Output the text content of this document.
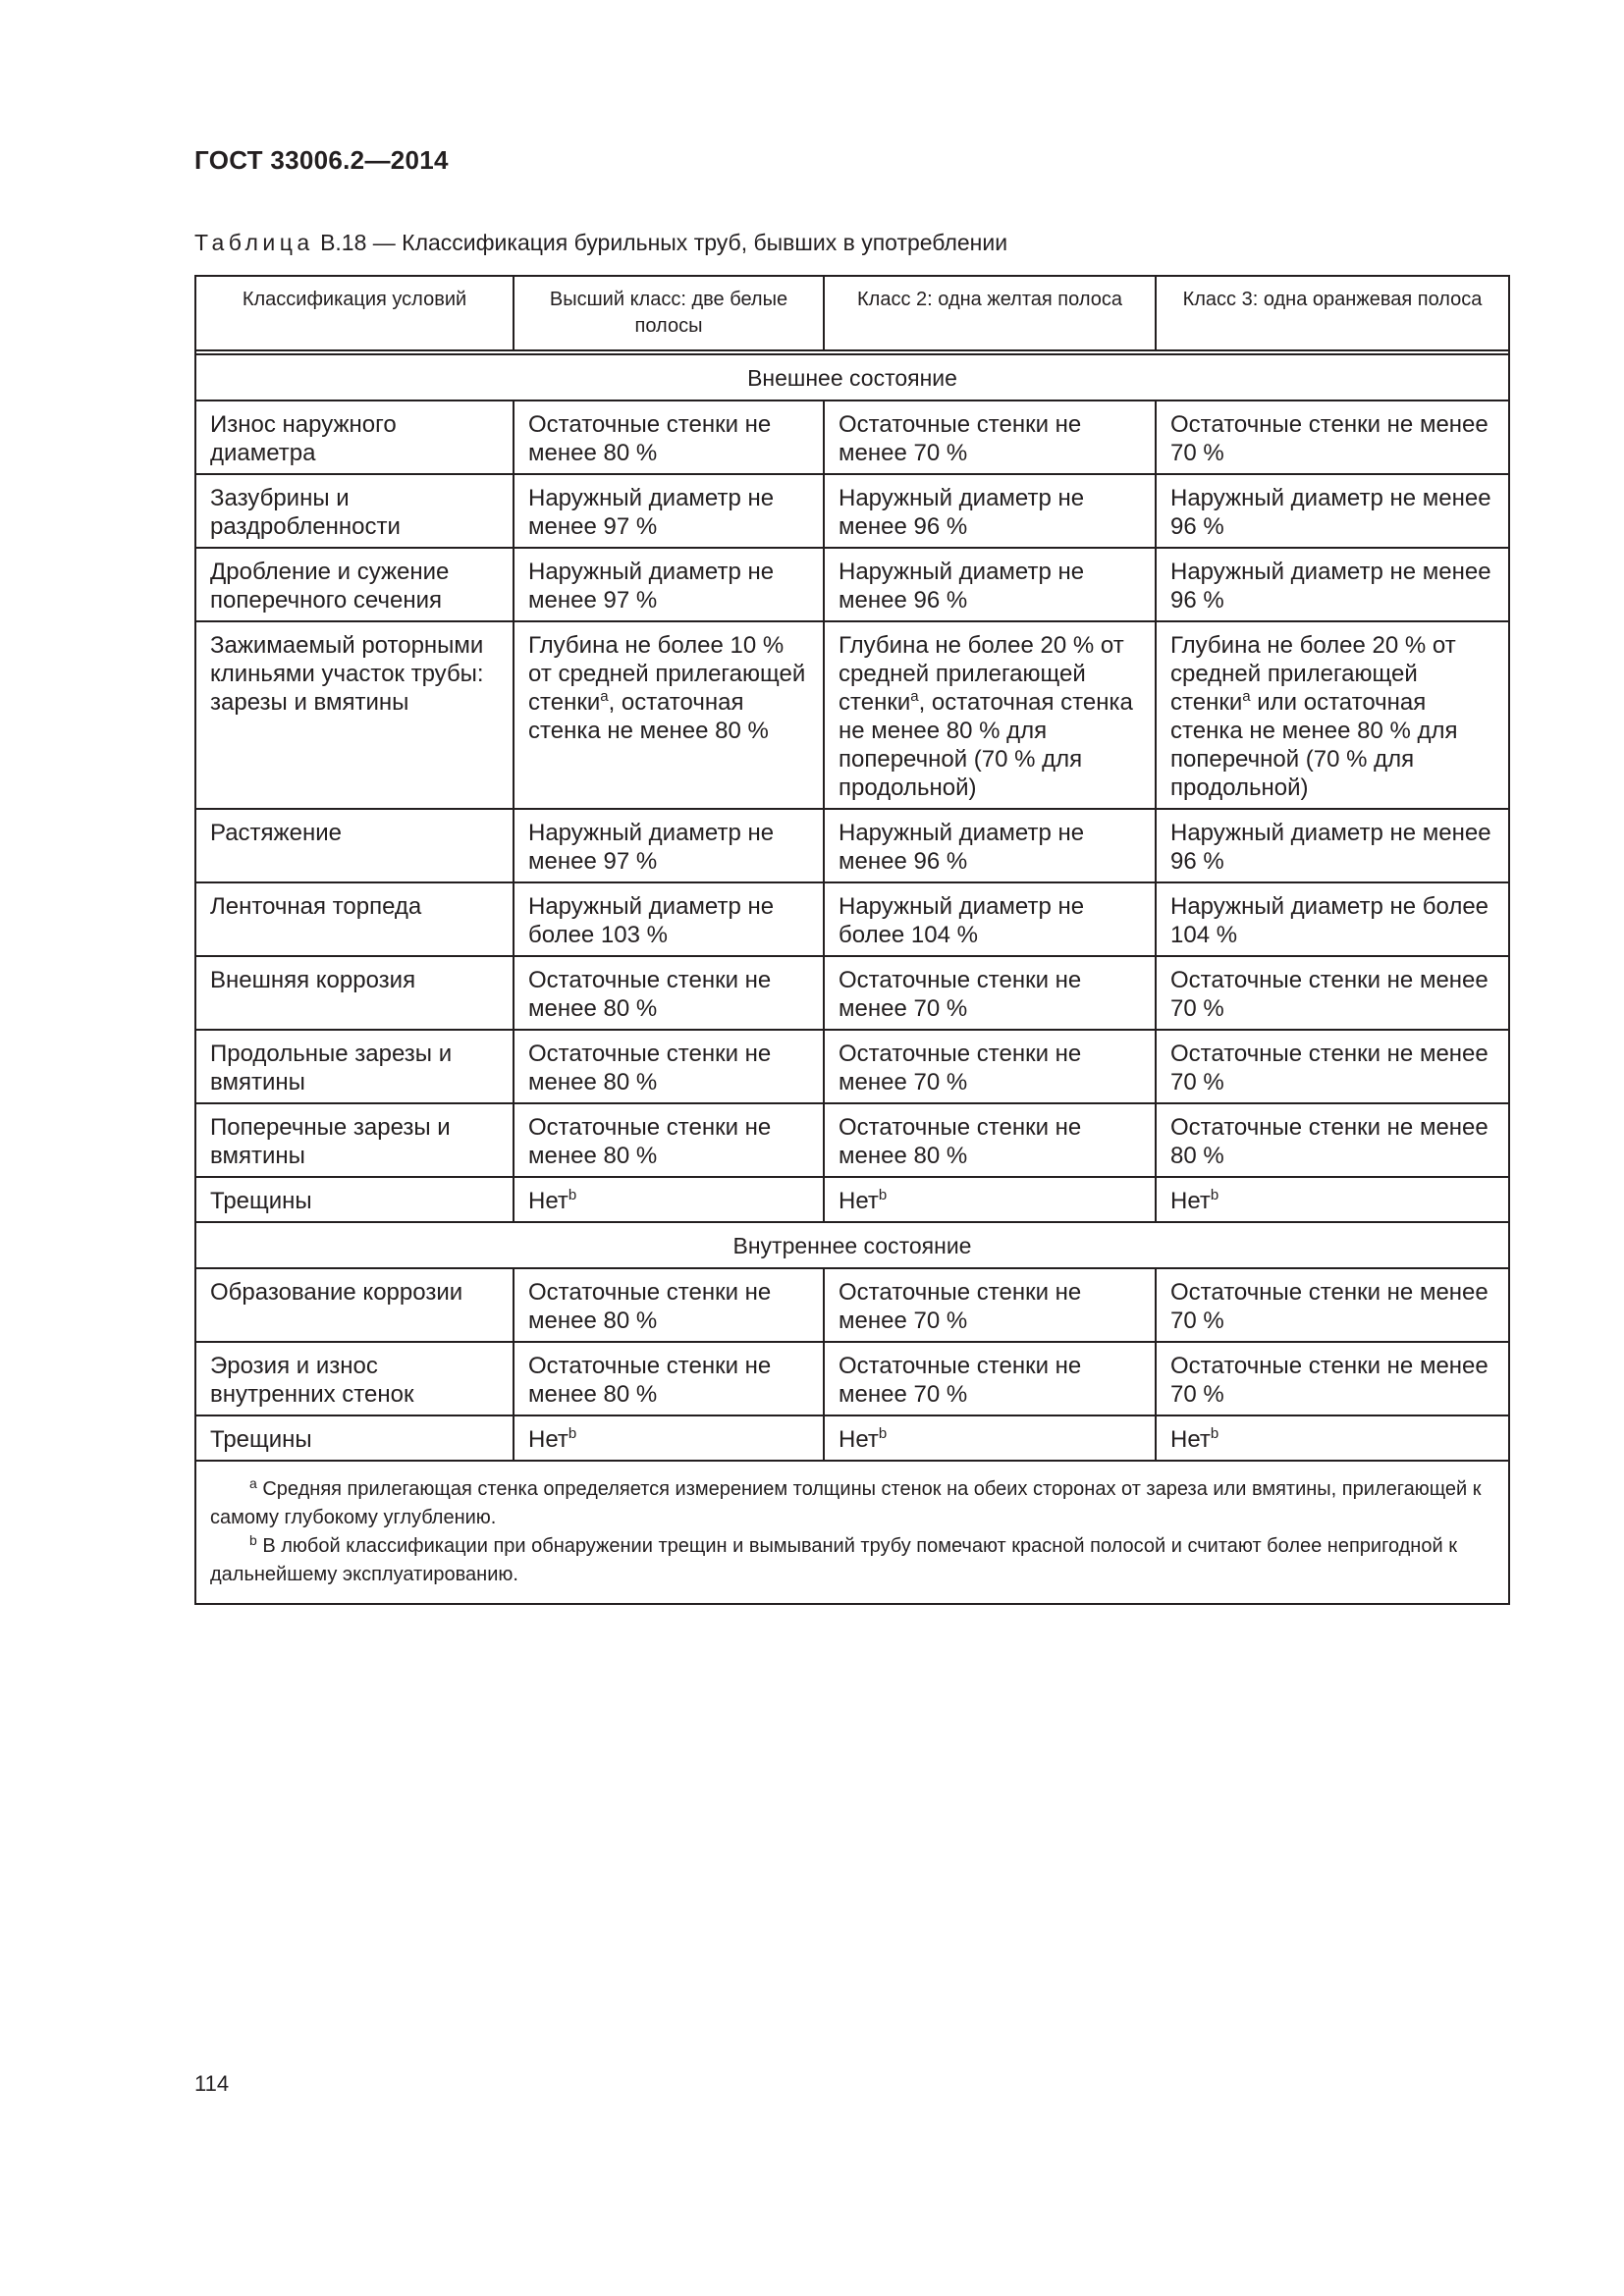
ГОСТ 33006.2—2014
Таблица В.18 — Классификация бурильных труб, бывших в употреблении
Классификация условий	Высший класс: две белые полосы	Класс 2: одна желтая полоса	Класс 3: одна оранжевая полоса

Внешнее состояние			
Износ наружного диаметра	Остаточные стенки не менее 80 %	Остаточные стенки не менее 70 %	Остаточные стенки не менее 70 %
Зазубрины и раздробленности	Наружный диаметр не менее 97 %	Наружный диаметр не менее 96 %	Наружный диаметр не менее 96 %
Дробление и сужение поперечного сечения	Наружный диаметр не менее 97 %	Наружный диаметр не менее 96 %	Наружный диаметр не менее 96 %
Зажимаемый роторными клиньями участок трубы: зарезы и вмятины	Глубина не более 10 % от средней прилегающей стенки$^а$, остаточная стенка не менее 80 %	Глубина не более 20 % от средней прилегающей стенки$^а$, остаточная стенка не менее 80 % для поперечной (70 % для продольной)	Глубина не более 20 % от средней прилегающей стенки$^а$ или остаточная стенка не менее 80 % для поперечной (70 % для продольной)
Растяжение	Наружный диаметр не менее 97 %	Наружный диаметр не менее 96 %	Наружный диаметр не менее 96 %
Ленточная торпеда	Наружный диаметр не более 103 %	Наружный диаметр не более 104 %	Наружный диаметр не более 104 %
Внешняя коррозия	Остаточные стенки не менее 80 %	Остаточные стенки не менее 70 %	Остаточные стенки не менее 70 %
Продольные зарезы и вмятины	Остаточные стенки не менее 80 %	Остаточные стенки не менее 70 %	Остаточные стенки не менее 70 %
Поперечные зарезы и вмятины	Остаточные стенки не менее 80 %	Остаточные стенки не менее 80 %	Остаточные стенки не менее 80 %
Трещины	Нет$^b$	Нет$^b$	Нет$^b$
Внутреннее состояние			
Образование коррозии	Остаточные стенки не менее 80 %	Остаточные стенки не менее 70 %	Остаточные стенки не менее 70 %
Эрозия и износ внутренних стенок	Остаточные стенки не менее 80 %	Остаточные стенки не менее 70 %	Остаточные стенки не менее 70 %
Трещины	Нет$^b$	Нет$^b$	Нет$^b$

$^a$ Средняя прилегающая стенка определяется измерением толщины стенок на обеих сторонах от зареза или вмятины, прилегающей к самому глубокому углублению.
$^b$ В любой классификации при обнаружении трещин и вымываний трубу помечают красной полосой и считают более непригодной к дальнейшему эксплуатированию.			
114
